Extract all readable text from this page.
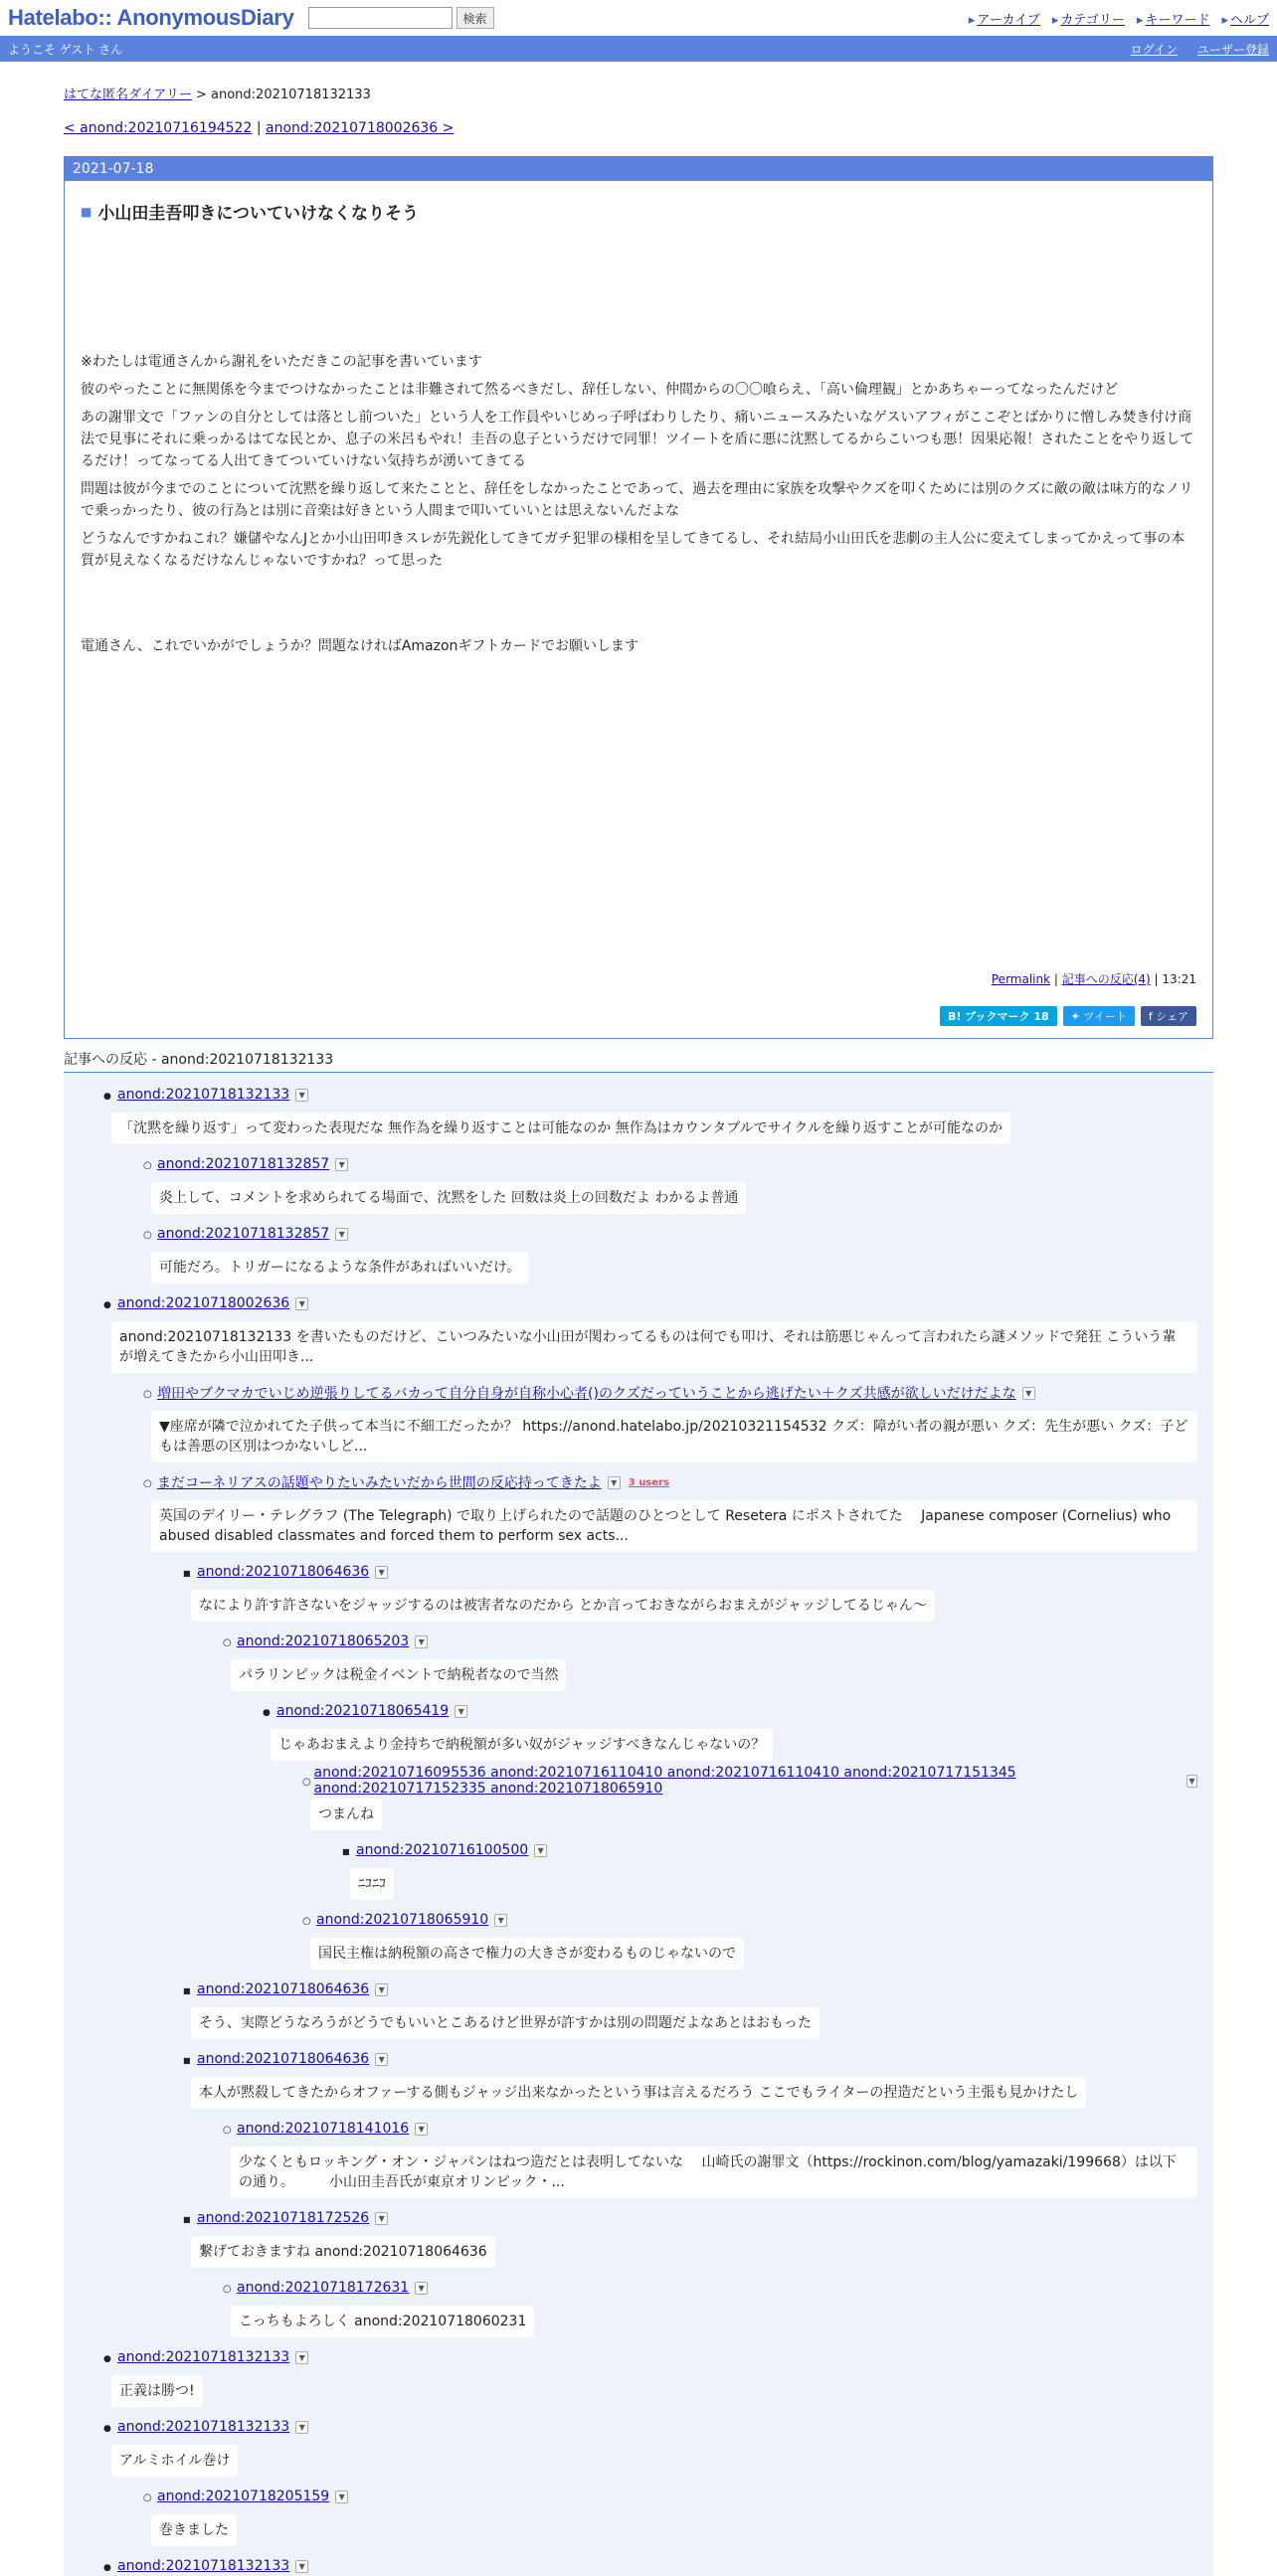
Hatelabo:: AnonymousDiary	検索	▸ アーカイブ	▸ カテゴリー	▸ キーワード	▸ ヘルプ
ようこそ ゲスト さん	ログイン ユーザー登録
はてな匿名ダイアリー > anond:20210718132133
< anond:20210716194522 | anond:20210718002636 >
2021-07-18
■ 小山田圭吾叩きについていけなくなりそう

※わたしは電通さんから謝礼をいただきこの記事を書いています

彼のやったことに無関係を今までつけなかったことは非難されて然るべきだし、辞任しない、仲間からの〇〇喰らえ、「高い倫理観」とかあちゃーってなったんだけど

あの謝罪文で「ファンの自分としては落とし前ついた」という人を工作員やいじめっ子呼ばわりしたり、痛いニュースみたいなゲスいアフィがここぞとばかりに憎しみ焚き付け商法で見事にそれに乗っかるはてな民とか、息子の米呂もやれ！圭吾の息子というだけで同罪！ツイートを盾に悪に沈黙してるからこいつも悪！因果応報！されたことをやり返してるだけ！ってなってる人出てきてついていけない気持ちが湧いてきてる

問題は彼が今までのことについて沈黙を繰り返して来たことと、辞任をしなかったことであって、過去を理由に家族を攻撃やクズを叩くためには別のクズに敵の敵は味方的なノリで乗っかったり、彼の行為とは別に音楽は好きという人間まで叩いていいとは思えないんだよな

どうなんですかねこれ？嫌儲やなんJとか小山田叩きスレが先鋭化してきてガチ犯罪の様相を呈してきてるし、それ結局小山田氏を悲劇の主人公に変えてしまってかえって事の本質が見えなくなるだけなんじゃないですかね？って思った

電通さん、これでいかがでしょうか？問題なければAmazonギフトカードでお願いします

Permalink | 記事への反応(4) | 13:21
B! ブックマーク
18 ✦ ツイート f シェア
記事への反応 - anond:20210718132133
●
anond:20210718132133	▼
「沈黙を繰り返す」って変わった表現だな 無作為を繰り返すことは可能なのか 無作為はカウンタブルでサイクルを繰り返すことが可能なのか
○
anond:20210718132857	▼
炎上して、コメントを求められてる場面で、沈黙をした 回数は炎上の回数だよ わかるよ普通
○
anond:20210718132857	▼
可能だろ。トリガーになるような条件があればいいだけ。
●
anond:20210718002636	▼
anond:20210718132133 を書いたものだけど、こいつみたいな小山田が関わってるものは何でも叩け、それは筋悪じゃんって言われたら謎メソッドで発狂 こういう輩が増えてきたから小山田叩き...
○
増田やブクマカでいじめ逆張りしてるバカって自分自身が自称小心者()のクズだっていうことから逃げたい＋クズ共感が欲しいだけだよな	▼
▼座席が隣で泣かれてた子供って本当に不細工だったか？ https://anond.hatelabo.jp/20210321154532 クズ：障がい者の親が悪い クズ：先生が悪い クズ：子どもは善悪の区別はつかないしど...
○
まだコーネリアスの話題やりたいみたいだから世間の反応持ってきたよ	▼	3 users
英国のデイリー・テレグラフ (The Telegraph) で取り上げられたので話題のひとつとして Resetera にポストされてた　 Japanese composer (Cornelius) who abused disabled classmates and forced them to perform sex acts...
■
anond:20210718064636	▼
なにより許す許さないをジャッジするのは被害者なのだから とか言っておきながらおまえがジャッジしてるじゃん〜
○
anond:20210718065203	▼
パラリンピックは税金イベントで納税者なので当然
●
anond:20210718065419	▼
じゃあおまえより金持ちで納税額が多い奴がジャッジすべきなんじゃないの？
○
anond:20210716095536 anond:20210716110410 anond:20210716110410 anond:20210717151345 anond:20210717152335 anond:20210718065910	▼
つまんね
■
anond:20210716100500	▼
ﾆｺﾆｺ
○
anond:20210718065910	▼
国民主権は納税額の高さで権力の大きさが変わるものじゃないので
■
anond:20210718064636	▼
そう、実際どうなろうがどうでもいいとこあるけど世界が許すかは別の問題だよなあとはおもった
■
anond:20210718064636	▼
本人が黙殺してきたからオファーする側もジャッジ出来なかったという事は言えるだろう ここでもライターの捏造だという主張も見かけたし
○
anond:20210718141016	▼
少なくともロッキング・オン・ジャパンはねつ造だとは表明してないな　 山崎氏の謝罪文（https://rockinon.com/blog/yamazaki/199668）は以下の通り。　　　小山田圭吾氏が東京オリンピック・...
■
anond:20210718172526	▼
繋げておきますね anond:20210718064636
○
anond:20210718172631	▼
こっちもよろしく anond:20210718060231
●
anond:20210718132133	▼
正義は勝つ!
●
anond:20210718132133	▼
アルミホイル巻け
○
anond:20210718205159	▼
巻きました
●
anond:20210718132133	▼
